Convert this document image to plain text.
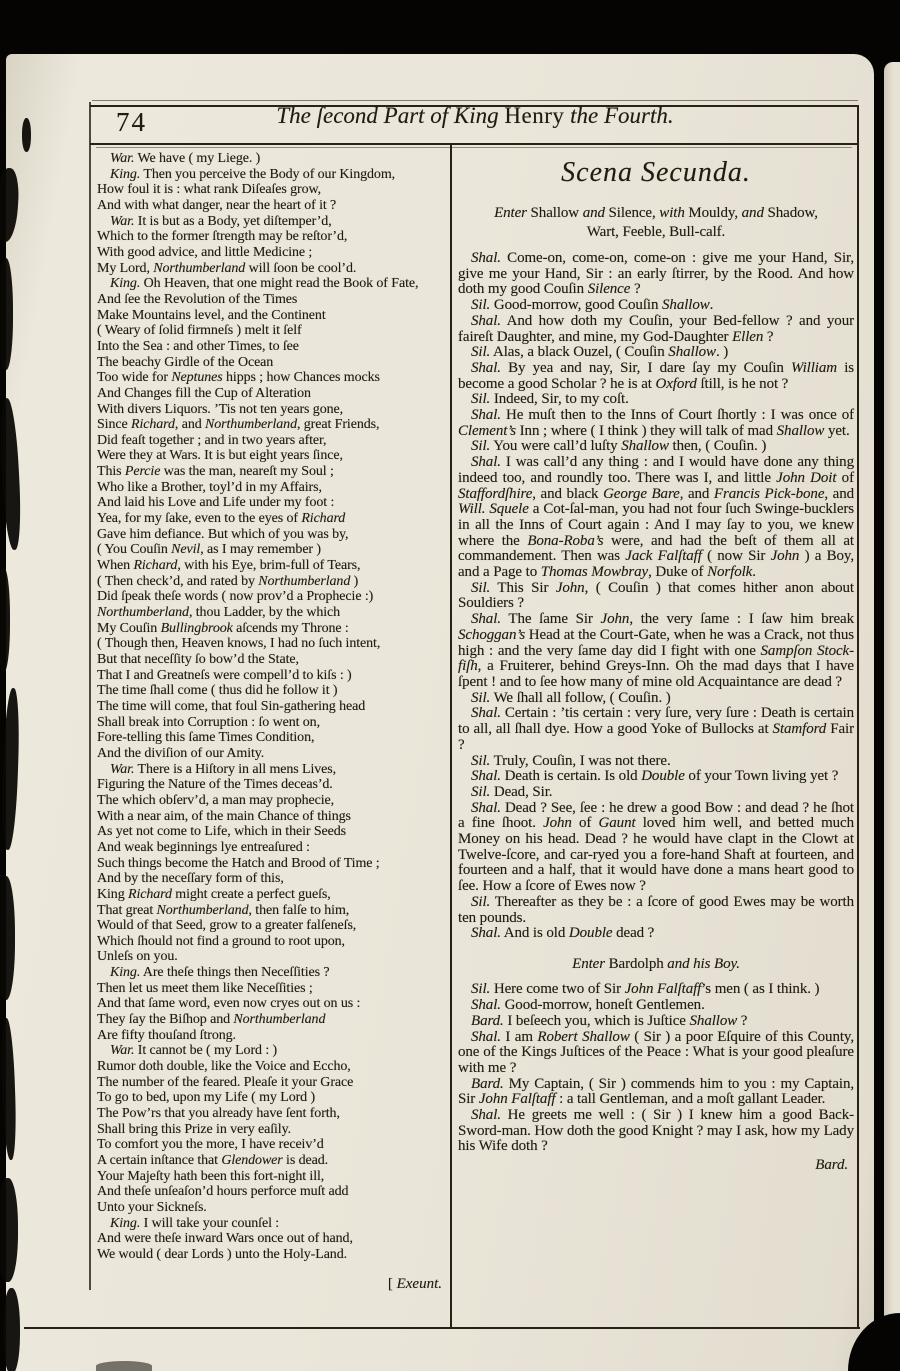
74	The ſecond Part of King Henry the Fourth.
War. We have ( my Liege. )
King. Then you perceive the Body of our Kingdom,
How foul it is : what rank Diſeaſes grow,
And with what danger, near the heart of it ?
War. It is but as a Body, yet diſtemper’d,
Which to the former ſtrength may be reſtor’d,
With good advice, and little Medicine ;
My Lord, Northumberland will ſoon be cool’d.
King. Oh Heaven, that one might read the Book of Fate,
And ſee the Revolution of the Times
Make Mountains level, and the Continent
( Weary of ſolid firmneſs ) melt it ſelf
Into the Sea : and other Times, to ſee
The beachy Girdle of the Ocean
Too wide for Neptunes hipps ; how Chances mocks
And Changes fill the Cup of Alteration
With divers Liquors. ’Tis not ten years gone,
Since Richard, and Northumberland, great Friends,
Did feaſt together ; and in two years after,
Were they at Wars. It is but eight years ſince,
This Percie was the man, neareſt my Soul ;
Who like a Brother, toyl’d in my Affairs,
And laid his Love and Life under my foot :
Yea, for my ſake, even to the eyes of Richard
Gave him defiance. But which of you was by,
( You Couſin Nevil, as I may remember )
When Richard, with his Eye, brim-full of Tears,
( Then check’d, and rated by Northumberland )
Did ſpeak theſe words ( now prov’d a Prophecie :)
Northumberland, thou Ladder, by the which
My Couſin Bullingbrook aſcends my Throne :
( Though then, Heaven knows, I had no ſuch intent,
But that neceſſity ſo bow’d the State,
That I and Greatneſs were compell’d to kiſs : )
The time ſhall come ( thus did he follow it )
The time will come, that foul Sin-gathering head
Shall break into Corruption : ſo went on,
Fore-telling this ſame Times Condition,
And the diviſion of our Amity.
War. There is a Hiſtory in all mens Lives,
Figuring the Nature of the Times deceas’d.
The which obſerv’d, a man may prophecie,
With a near aim, of the main Chance of things
As yet not come to Life, which in their Seeds
And weak beginnings lye entreaſured :
Such things become the Hatch and Brood of Time ;
And by the neceſſary form of this,
King Richard might create a perfect gueſs,
That great Northumberland, then falſe to him,
Would of that Seed, grow to a greater falſeneſs,
Which ſhould not find a ground to root upon,
Unleſs on you.
King. Are theſe things then Neceſſities ?
Then let us meet them like Neceſſities ;
And that ſame word, even now cryes out on us :
They ſay the Biſhop and Northumberland
Are fifty thouſand ſtrong.
War. It cannot be ( my Lord : )
Rumor doth double, like the Voice and Eccho,
The number of the feared. Pleaſe it your Grace
To go to bed, upon my Life ( my Lord )
The Pow’rs that you already have ſent forth,
Shall bring this Prize in very eaſily.
To comfort you the more, I have receiv’d
A certain inſtance that Glendower is dead.
Your Majeſty hath been this fort-night ill,
And theſe unſeaſon’d hours perforce muſt add
Unto your Sickneſs.
King. I will take your counſel :
And were theſe inward Wars once out of hand,
We would ( dear Lords ) unto the Holy-Land.
[ Exeunt.
Scena Secunda.
Enter Shallow and Silence, with Mouldy, and Shadow,
Wart, Feeble, Bull-calf.

Shal. Come-on, come-on, come-on : give me your Hand, Sir, give me your Hand, Sir : an early ſtirrer, by the Rood. And how doth my good Couſin Silence ?

Sil. Good-morrow, good Couſin Shallow.

Shal. And how doth my Couſin, your Bed-fellow ? and your faireſt Daughter, and mine, my God-Daughter Ellen ?

Sil. Alas, a black Ouzel, ( Couſin Shallow. )

Shal. By yea and nay, Sir, I dare ſay my Couſin William is become a good Scholar ? he is at Oxford ſtill, is he not ?

Sil. Indeed, Sir, to my coſt.

Shal. He muſt then to the Inns of Court ſhortly : I was once of Clement’s Inn ; where ( I think ) they will talk of mad Shallow yet.

Sil. You were call’d luſty Shallow then, ( Couſin. )

Shal. I was call’d any thing : and I would have done any thing indeed too, and roundly too. There was I, and little John Doit of Staffordſhire, and black George Bare, and Francis Pick-bone, and Will. Squele a Cot-ſal-man, you had not four ſuch Swinge-bucklers in all the Inns of Court again : And I may ſay to you, we knew where the Bona-Roba’s were, and had the beſt of them all at commandement. Then was Jack Falſtaff ( now Sir John ) a Boy, and a Page to Thomas Mowbray, Duke of Norfolk.

Sil. This Sir John, ( Couſin ) that comes hither anon about Souldiers ?

Shal. The ſame Sir John, the very ſame : I ſaw him break Schoggan’s Head at the Court-Gate, when he was a Crack, not thus high : and the very ſame day did I fight with one Sampſon Stock-fiſh, a Fruiterer, behind Greys-Inn. Oh the mad days that I have ſpent ! and to ſee how many of mine old Acquaintance are dead ?

Sil. We ſhall all follow, ( Couſin. )

Shal. Certain : ’tis certain : very ſure, very ſure : Death is certain to all, all ſhall dye. How a good Yoke of Bullocks at Stamford Fair ?

Sil. Truly, Couſin, I was not there.

Shal. Death is certain. Is old Double of your Town living yet ?

Sil. Dead, Sir.

Shal. Dead ? See, ſee : he drew a good Bow : and dead ? he ſhot a fine ſhoot. John of Gaunt loved him well, and betted much Money on his head. Dead ? he would have clapt in the Clowt at Twelve-ſcore, and car-ryed you a fore-hand Shaft at fourteen, and fourteen and a half, that it would have done a mans heart good to ſee. How a ſcore of Ewes now ?

Sil. Thereafter as they be : a ſcore of good Ewes may be worth ten pounds.

Shal. And is old Double dead ?

Enter Bardolph and his Boy.

Sil. Here come two of Sir John Falſtaff’s men ( as I think. )

Shal. Good-morrow, honeſt Gentlemen.

Bard. I beſeech you, which is Juſtice Shallow ?

Shal. I am Robert Shallow ( Sir ) a poor Eſquire of this County, one of the Kings Juſtices of the Peace : What is your good pleaſure with me ?

Bard. My Captain, ( Sir ) commends him to you : my Captain, Sir John Falſtaff : a tall Gentleman, and a moſt gallant Leader.

Shal. He greets me well : ( Sir ) I knew him a good Back-Sword-man. How doth the good Knight ? may I ask, how my Lady his Wife doth ?

Bard.
